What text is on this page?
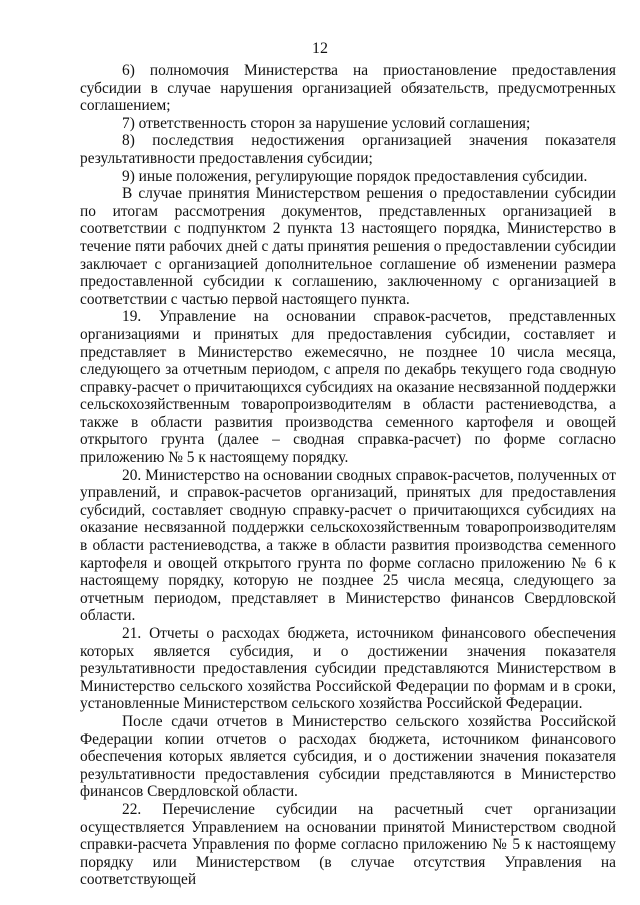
12

6) полномочия Министерства на приостановление предоставления субсидии в случае нарушения организацией обязательств, предусмотренных соглашением;

7) ответственность сторон за нарушение условий соглашения;

8) последствия недостижения организацией значения показателя результативности предоставления субсидии;

9) иные положения, регулирующие порядок предоставления субсидии.

В случае принятия Министерством решения о предоставлении субсидии по итогам рассмотрения документов, представленных организацией в соответствии с подпунктом 2 пункта 13 настоящего порядка, Министерство в течение пяти рабочих дней с даты принятия решения о предоставлении субсидии заключает с организацией дополнительное соглашение об изменении размера предоставленной субсидии к соглашению, заключенному с организацией в соответствии с частью первой настоящего пункта.

19. Управление на основании справок-расчетов, представленных организациями и принятых для предоставления субсидии, составляет и представляет в Министерство ежемесячно, не позднее 10 числа месяца, следующего за отчетным периодом, с апреля по декабрь текущего года сводную справку-расчет о причитающихся субсидиях на оказание несвязанной поддержки сельскохозяйственным товаропроизводителям в области растениеводства, а также в области развития производства семенного картофеля и овощей открытого грунта (далее – сводная справка-расчет) по форме согласно приложению № 5 к настоящему порядку.

20. Министерство на основании сводных справок-расчетов, полученных от управлений, и справок-расчетов организаций, принятых для предоставления субсидий, составляет сводную справку-расчет о причитающихся субсидиях на оказание несвязанной поддержки сельскохозяйственным товаропроизводителям в области растениеводства, а также в области развития производства семенного картофеля и овощей открытого грунта по форме согласно приложению № 6 к настоящему порядку, которую не позднее 25 числа месяца, следующего за отчетным периодом, представляет в Министерство финансов Свердловской области.

21. Отчеты о расходах бюджета, источником финансового обеспечения которых является субсидия, и о достижении значения показателя результативности предоставления субсидии представляются Министерством в Министерство сельского хозяйства Российской Федерации по формам и в сроки, установленные Министерством сельского хозяйства Российской Федерации.

После сдачи отчетов в Министерство сельского хозяйства Российской Федерации копии отчетов о расходах бюджета, источником финансового обеспечения которых является субсидия, и о достижении значения показателя результативности предоставления субсидии представляются в Министерство финансов Свердловской области.

22. Перечисление субсидии на расчетный счет организации осуществляется Управлением на основании принятой Министерством сводной справки-расчета Управления по форме согласно приложению № 5 к настоящему порядку или Министерством (в случае отсутствия Управления на соответствующей
